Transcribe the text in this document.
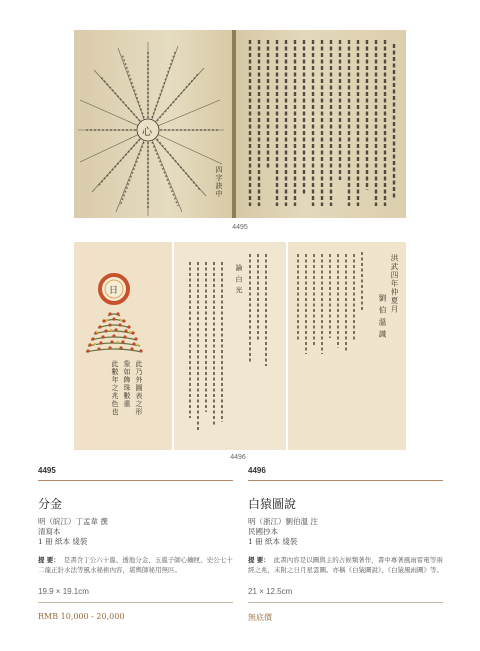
心
四字訣中
4495
日
此乃外圓表之形
象如飾珠數重
此數年之兆色也
論 白 光	洪武四年仲夏月
劉 伯 溫 識
4496
4495
分金
明（皖江）丁孟韋 撰
清寫本
1 冊 紙本 綫裝
提 要： 是書含丁公六十龍、透地分金、玉龍子師心鑰匣、史公七十二龍正針水法等風水秘術內容，堪輿師秘用無匹。
19.9 × 19.1cm
RMB 10,000 - 20,000
4496
白猿圖說
明（浙江）劉伯溫 注
民國抄本
1 冊 紙本 綫裝
提 要： 此書內容是以圖與主的占候類著作，書中專著風雨雷電等兩經之兆，末附之日月星雲圖。亦稱《白猿圖說》、《白猿風雨圖》等。
21 × 12.5cm
無底價
